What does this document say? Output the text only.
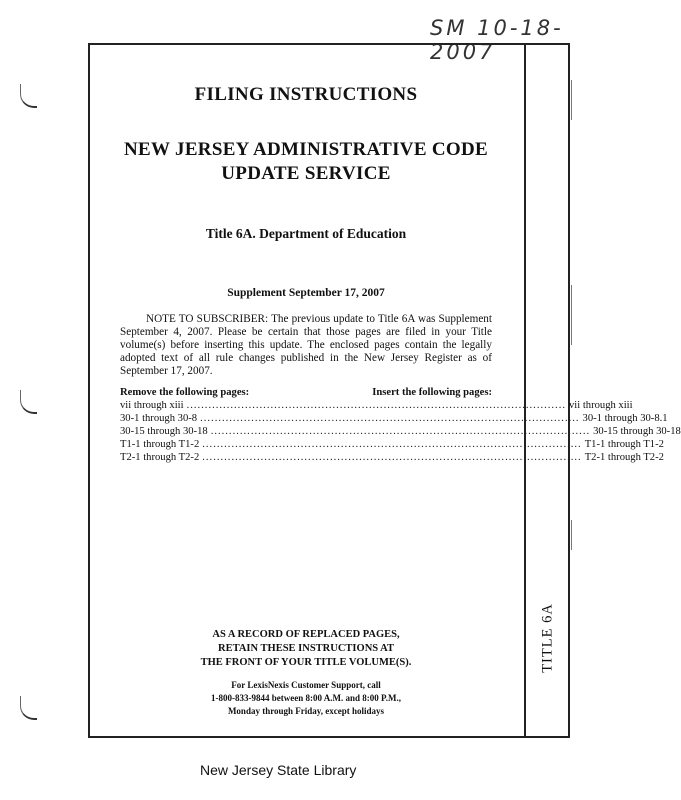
SM 10-18-2007
FILING INSTRUCTIONS
NEW JERSEY ADMINISTRATIVE CODE
UPDATE SERVICE
Title 6A. Department of Education
Supplement September 17, 2007
NOTE TO SUBSCRIBER: The previous update to Title 6A was Supplement September 4, 2007. Please be certain that those pages are filed in your Title volume(s) before inserting this update. The enclosed pages contain the legally adopted text of all rule changes published in the New Jersey Register as of September 17, 2007.
Remove the following pages:	Insert the following pages:
vii through xiii ........................................................................................................ vii through xiii
30-1 through 30-8 ........................................................................................................ 30-1 through 30-8.1
30-15 through 30-18 ........................................................................................................ 30-15 through 30-18
T1-1 through T1-2 ........................................................................................................ T1-1 through T1-2
T2-1 through T2-2 ........................................................................................................ T2-1 through T2-2
AS A RECORD OF REPLACED PAGES,
RETAIN THESE INSTRUCTIONS AT
THE FRONT OF YOUR TITLE VOLUME(S).
For LexisNexis Customer Support, call
1-800-833-9844 between 8:00 A.M. and 8:00 P.M.,
Monday through Friday, except holidays
TITLE 6A
New Jersey State Library
